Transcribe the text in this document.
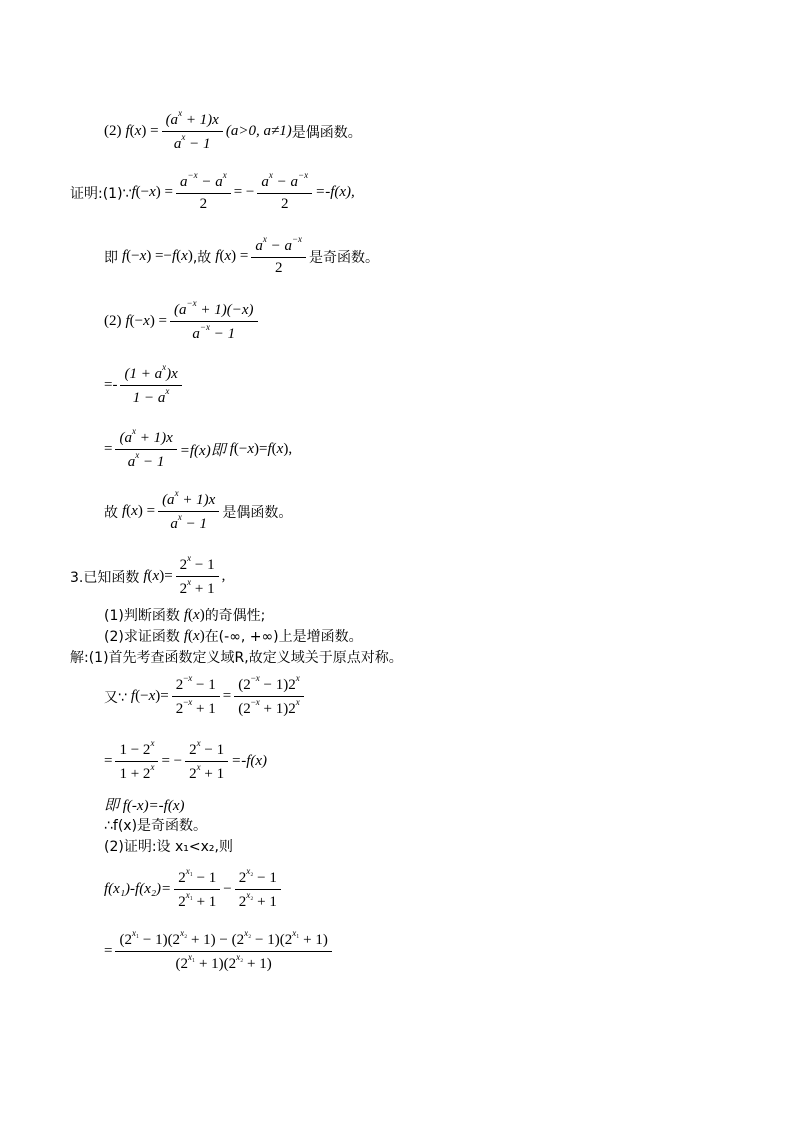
(2) f ( x ) = $\frac{(a^x + 1)x}{a^x - 1} (a>0$, a≠1) 是偶函数。
证明:(1)∵ f (− x ) = $\frac{a^{-x} - a^x}{2}$ = − $\frac{a^x - a^{-x}}{2} =-f(x)$,
即 f (− x ) =− f ( x ) ,故 f ( x ) = $\frac{a^x - a^{-x}}{2}$ 是奇函数。
(2) f (− x ) = $\frac{(a^{-x} + 1)(-x)}{a^{-x} - 1}$
=- $\frac{(1 + a^x)x}{1 - a^x}$
= $\frac{(a^x + 1)x}{a^x - 1} =f(x)$即 f (− x )= f ( x ) ,
故 f ( x ) = $\frac{(a^x + 1)x}{a^x - 1}$ 是偶函数。
3.已知函数 f ( x )= $\frac{2^x - 1}{2^x + 1}$ ,
(1)判断函数 f ( x ) 的奇偶性;
(2)求证函数 f ( x ) 在(-∞, +∞)上是增函数。
解:(1)首先考查函数定义域R,故定义域关于原点对称。
又∵ f (− x )= $\frac{2^{-x} - 1}{2^{-x} + 1} = \frac{(2^{-x} - 1)2^x}{(2^{-x} + 1)2^x}$
= $\frac{1 - 2^x}{1 + 2^x}$ = − $\frac{2^x - 1}{2^x + 1} =-f(x)$
即 f(-x)=-f(x)
∴f(x)是奇函数。
(2)证明:设 x₁<x₂,则
$f(x_1)-f(x_2)= \frac{2^{x_1} - 1}{2^{x_1} + 1} - \frac{2^{x_2} - 1}{2^{x_2} + 1}$
= $\frac{(2^{x_1} - 1)(2^{x_2} + 1) - (2^{x_2} - 1)(2^{x_1} + 1)}{(2^{x_1} + 1)(2^{x_2} + 1)}$
